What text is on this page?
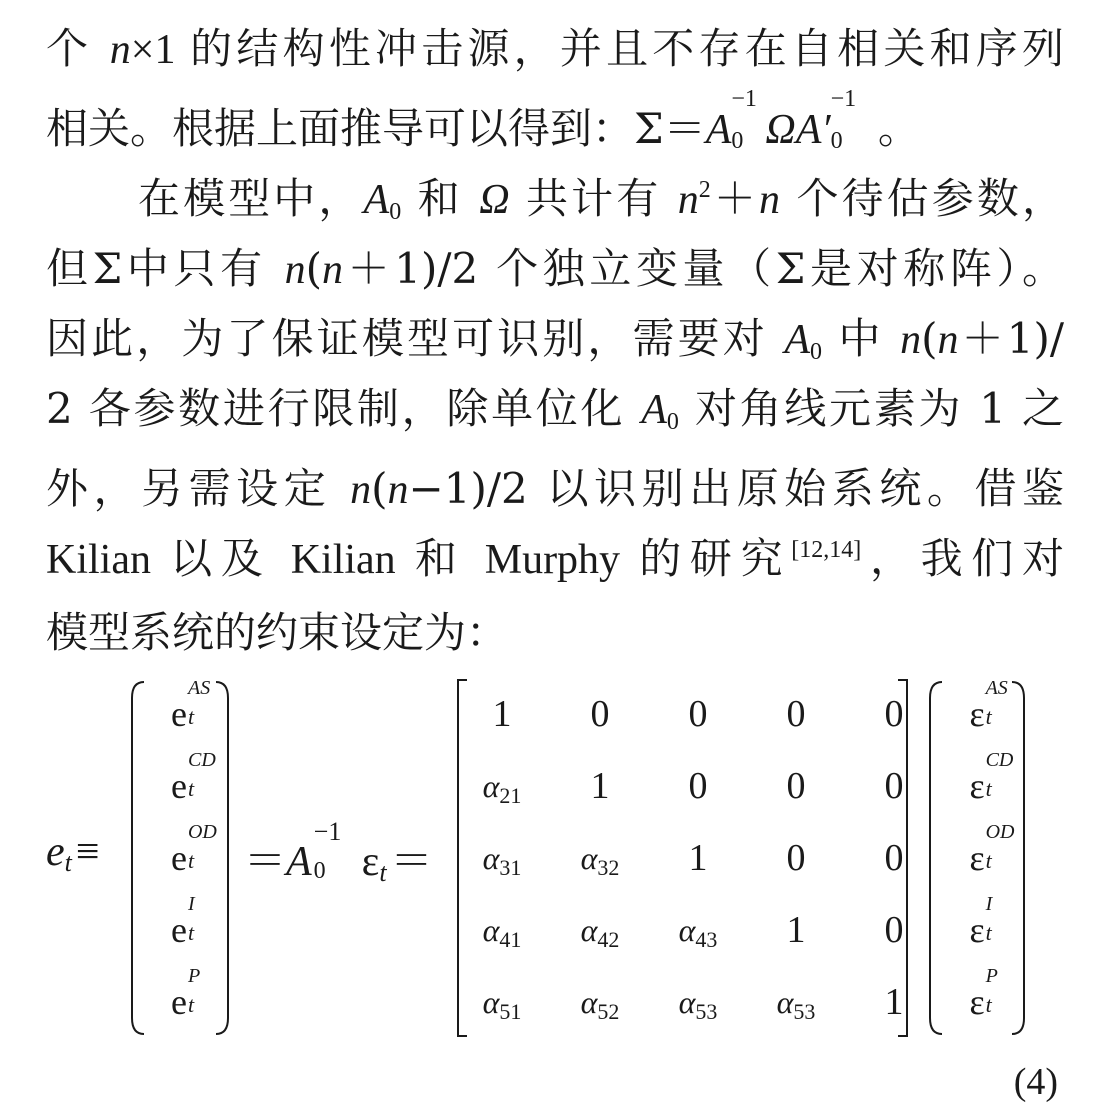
个 n×1 的结构性冲击源，并且不存在自相关和序列
相关。根据上面推导可以得到：Σ＝A
−1
0 ΩA′
−1
0 。
在模型中，$A_0$ 和 Ω 共计有 $n^2+n$ 个待估参数，
但Σ中只有 n(n＋1)/2 个独立变量（Σ是对称阵）。
因此，为了保证模型可识别，需要对 $A_0$ 中 n(n＋1)/
2 各参数进行限制，除单位化 $A_0$ 对角线元素为 1 之
外，另需设定 n(n−1)/2 以识别出原始系统。借鉴
Kilian 以及 Kilian 和 Murphy 的研究[12,14]，我们对
模型系统的约束设定为：
$e_t\equiv$
e
AS
t
e
CD
t
e
OD
t
e
I
t
e
P
t
＝A
−1
0 $\varepsilon_t=$
1	0	0	0	0
$\alpha_{21}$	1	0	0	0
$\alpha_{31}$	$\alpha_{32}$	1	0	0
$\alpha_{41}$	$\alpha_{42}$	$\alpha_{43}$	1	0
$\alpha_{51}$	$\alpha_{52}$	$\alpha_{53}$	$\alpha_{53}$	1
ε
AS
t
ε
CD
t
ε
OD
t
ε
I
t
ε
P
t
(4)
